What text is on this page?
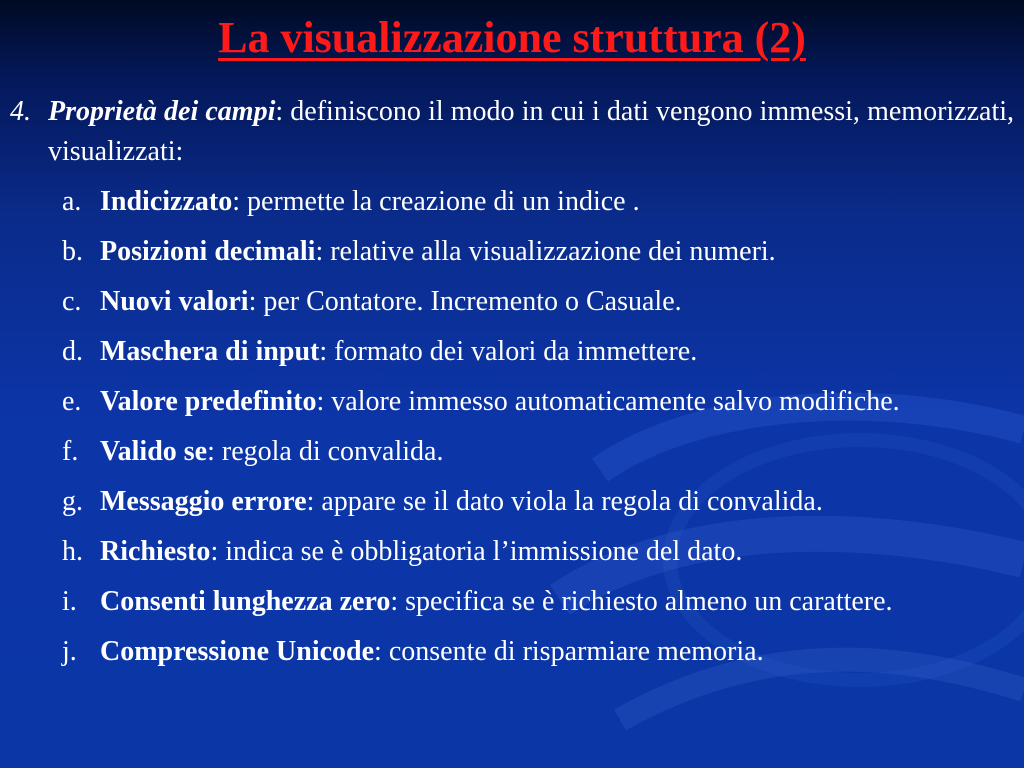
La visualizzazione struttura (2)
4. Proprietà dei campi: definiscono il modo in cui i dati vengono immessi, memorizzati, visualizzati:
a. Indicizzato: permette la creazione di un indice .
b. Posizioni decimali: relative alla visualizzazione dei numeri.
c. Nuovi valori: per Contatore. Incremento o Casuale.
d. Maschera di input: formato dei valori da immettere.
e. Valore predefinito: valore immesso automaticamente salvo modifiche.
f. Valido se: regola di convalida.
g. Messaggio errore: appare se il dato viola la regola di convalida.
h. Richiesto: indica se è obbligatoria l’immissione del dato.
i. Consenti lunghezza zero: specifica se è richiesto almeno un carattere.
j. Compressione Unicode: consente di risparmiare memoria.
